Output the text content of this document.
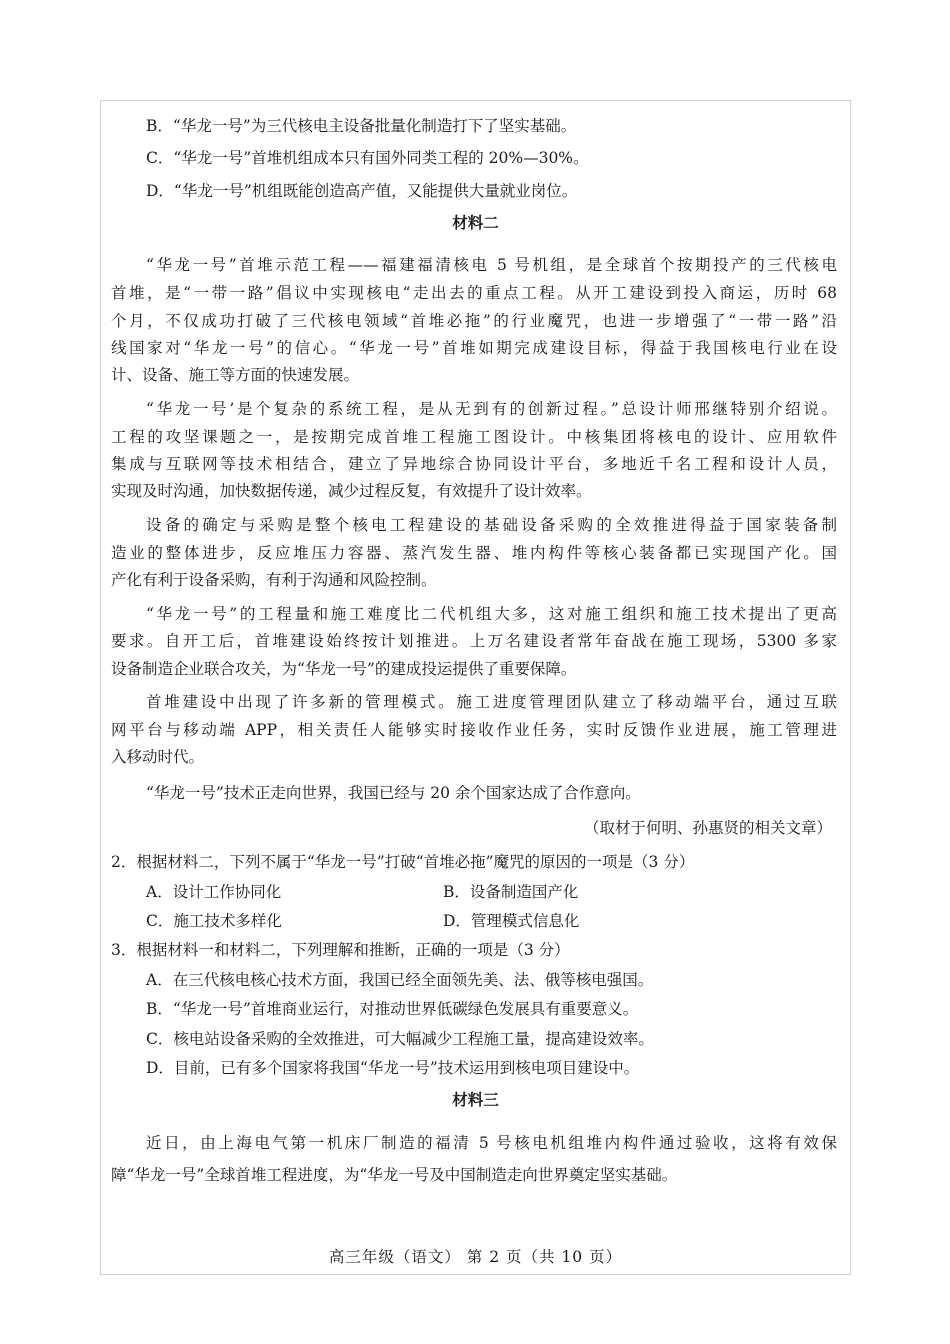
B．“华龙一号”为三代核电主设备批量化制造打下了坚实基础。
C．“华龙一号”首堆机组成本只有国外同类工程的 20%—30%。
D．“华龙一号”机组既能创造高产值，又能提供大量就业岗位。
材料二
“华龙一号”首堆示范工程——福建福清核电 5 号机组，是全球首个按期投产的三代核电
首堆，是“一带一路”倡议中实现核电“走出去的重点工程。从开工建设到投入商运，历时 68
个月，不仅成功打破了三代核电领域“首堆必拖”的行业魔咒，也进一步增强了“一带一路”沿
线国家对“华龙一号”的信心。“华龙一号”首堆如期完成建设目标，得益于我国核电行业在设
计、设备、施工等方面的快速发展。
“华龙一号’是个复杂的系统工程，是从无到有的创新过程。”总设计师邢继特别介绍说。
工程的攻坚课题之一，是按期完成首堆工程施工图设计。中核集团将核电的设计、应用软件
集成与互联网等技术相结合，建立了异地综合协同设计平台，多地近千名工程和设计人员，
实现及时沟通，加快数据传递，减少过程反复，有效提升了设计效率。
设备的确定与采购是整个核电工程建设的基础设备采购的全效推进得益于国家装备制
造业的整体进步，反应堆压力容器、蒸汽发生器、堆内构件等核心装备都已实现国产化。国
产化有利于设备采购，有利于沟通和风险控制。
“华龙一号”的工程量和施工难度比二代机组大多，这对施工组织和施工技术提出了更高
要求。自开工后，首堆建设始终按计划推进。上万名建设者常年奋战在施工现场，5300 多家
设备制造企业联合攻关，为“华龙一号”的建成投运提供了重要保障。
首堆建设中出现了许多新的管理模式。施工进度管理团队建立了移动端平台，通过互联
网平台与移动端 APP，相关责任人能够实时接收作业任务，实时反馈作业进展，施工管理进
入移动时代。
“华龙一号”技术正走向世界，我国已经与 20 余个国家达成了合作意向。
（取材于何明、孙惠贤的相关文章）
2．根据材料二，下列不属于“华龙一号”打破“首堆必拖”魔咒的原因的一项是（3 分）
A．设计工作协同化	B．设备制造国产化
C．施工技术多样化	D．管理模式信息化
3．根据材料一和材料二，下列理解和推断，正确的一项是（3 分）
A．在三代核电核心技术方面，我国已经全面领先美、法、俄等核电强国。
B．“华龙一号”首堆商业运行，对推动世界低碳绿色发展具有重要意义。
C．核电站设备采购的全效推进，可大幅减少工程施工量，提高建设效率。
D．目前，已有多个国家将我国“华龙一号”技术运用到核电项目建设中。
材料三
近日，由上海电气第一机床厂制造的福清 5 号核电机组堆内构件通过验收，这将有效保
障“华龙一号”全球首堆工程进度，为“华龙一号及中国制造走向世界奠定坚实基础。
高三年级（语文） 第 2 页（共 10 页）
